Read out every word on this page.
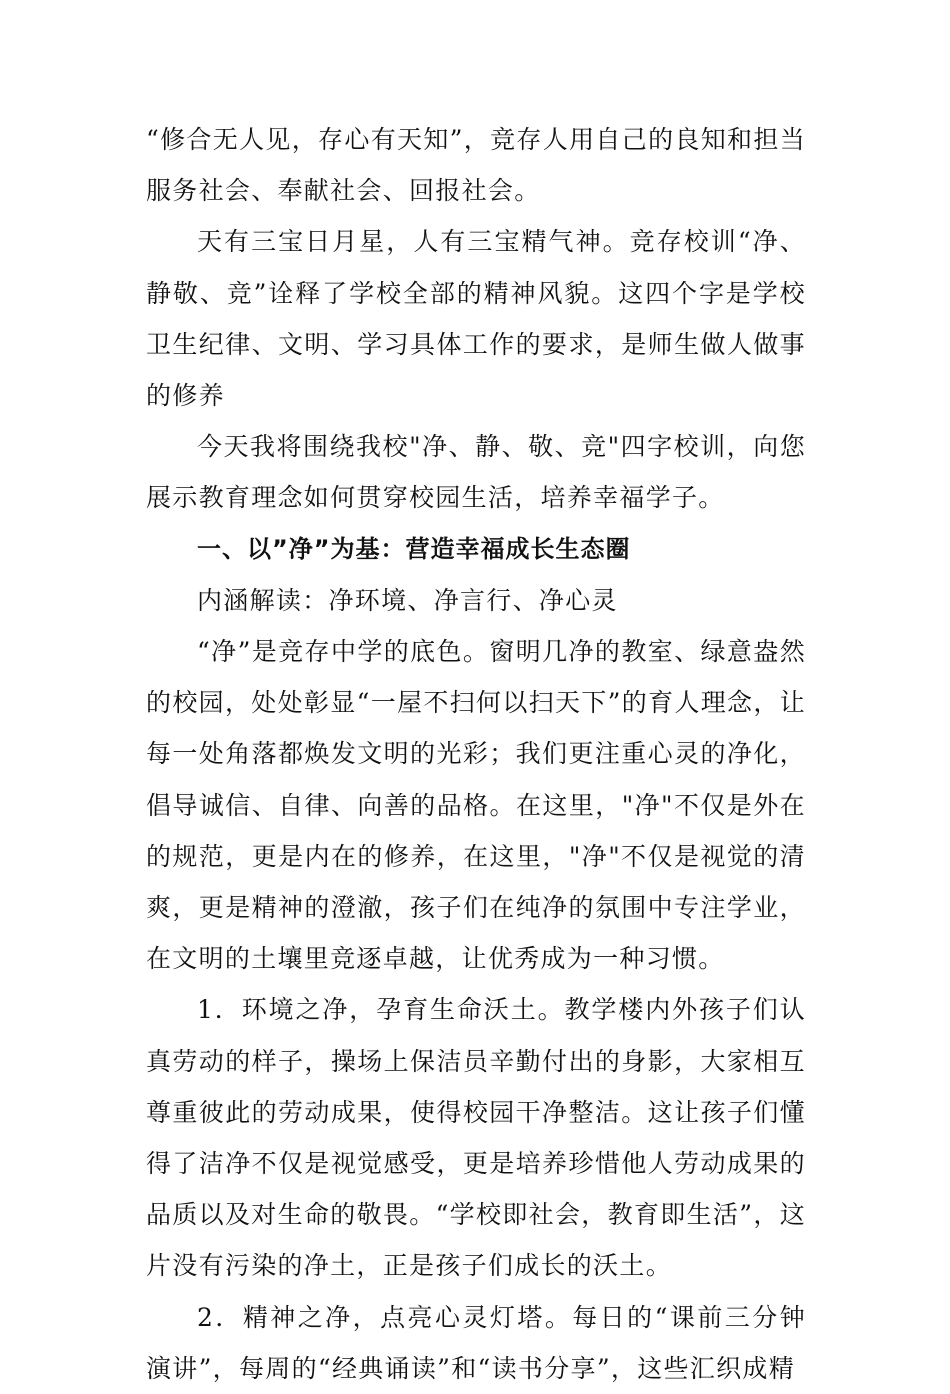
“修合无人见，存心有天知”，竞存人用自己的良知和担当服务社会、奉献社会、回报社会。

天有三宝日月星，人有三宝精气神。竞存校训“净、静敬、竞”诠释了学校全部的精神风貌。这四个字是学校卫生纪律、文明、学习具体工作的要求，是师生做人做事的修养

今天我将围绕我校"净、静、敬、竞"四字校训，向您展示教育理念如何贯穿校园生活，培养幸福学子。

一、以”净”为基：营造幸福成长生态圈

内涵解读：净环境、净言行、净心灵

“净”是竞存中学的底色。窗明几净的教室、绿意盎然的校园，处处彰显“一屋不扫何以扫天下”的育人理念，让每一处角落都焕发文明的光彩；我们更注重心灵的净化，倡导诚信、自律、向善的品格。在这里，"净"不仅是外在的规范，更是内在的修养，在这里，"净"不仅是视觉的清爽，更是精神的澄澈，孩子们在纯净的氛围中专注学业，在文明的土壤里竞逐卓越，让优秀成为一种习惯。

1．环境之净，孕育生命沃土。教学楼内外孩子们认真劳动的样子，操场上保洁员辛勤付出的身影，大家相互尊重彼此的劳动成果，使得校园干净整洁。这让孩子们懂得了洁净不仅是视觉感受，更是培养珍惜他人劳动成果的品质以及对生命的敬畏。“学校即社会，教育即生活”，这片没有污染的净土，正是孩子们成长的沃土。

2．精神之净，点亮心灵灯塔。每日的“课前三分钟演讲”，每周的“经典诵读”和“读书分享”，这些汇织成精
